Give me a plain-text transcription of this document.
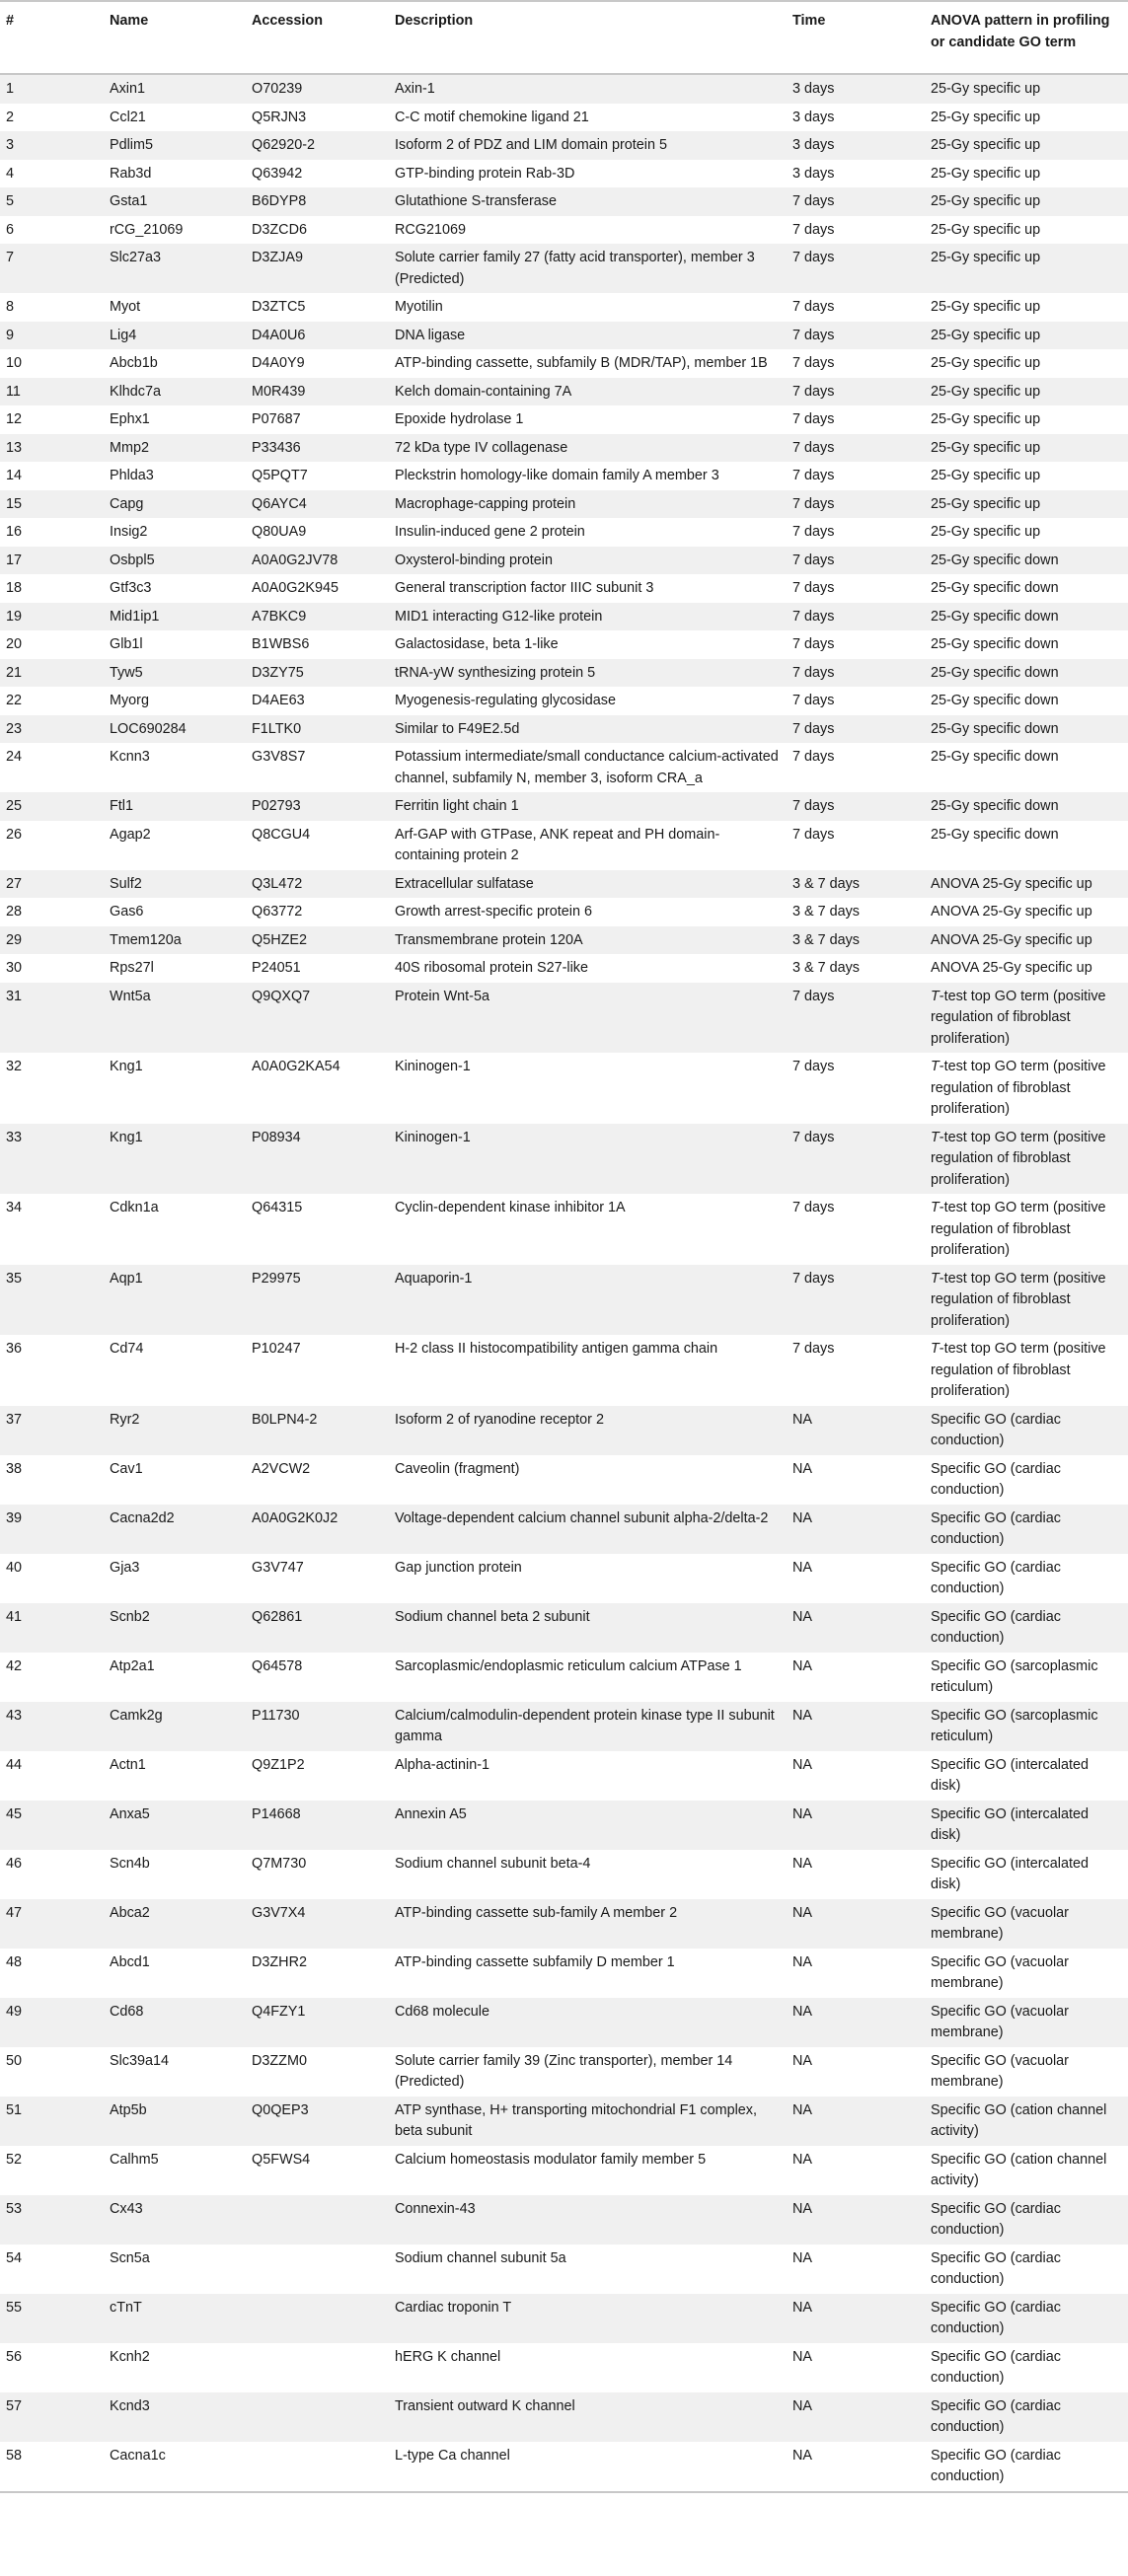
#	Name	Accession	Description	Time	ANOVA pattern in profiling or candidate GO term
1	Axin1	O70239	Axin-1	3 days	25-Gy specific up
2	Ccl21	Q5RJN3	C-C motif chemokine ligand 21	3 days	25-Gy specific up
3	Pdlim5	Q62920-2	Isoform 2 of PDZ and LIM domain protein 5	3 days	25-Gy specific up
4	Rab3d	Q63942	GTP-binding protein Rab-3D	3 days	25-Gy specific up
5	Gsta1	B6DYP8	Glutathione S-transferase	7 days	25-Gy specific up
6	rCG_21069	D3ZCD6	RCG21069	7 days	25-Gy specific up
7	Slc27a3	D3ZJA9	Solute carrier family 27 (fatty acid transporter), member 3 (Predicted)	7 days	25-Gy specific up
8	Myot	D3ZTC5	Myotilin	7 days	25-Gy specific up
9	Lig4	D4A0U6	DNA ligase	7 days	25-Gy specific up
10	Abcb1b	D4A0Y9	ATP-binding cassette, subfamily B (MDR/TAP), member 1B	7 days	25-Gy specific up
11	Klhdc7a	M0R439	Kelch domain-containing 7A	7 days	25-Gy specific up
12	Ephx1	P07687	Epoxide hydrolase 1	7 days	25-Gy specific up
13	Mmp2	P33436	72 kDa type IV collagenase	7 days	25-Gy specific up
14	Phlda3	Q5PQT7	Pleckstrin homology-like domain family A member 3	7 days	25-Gy specific up
15	Capg	Q6AYC4	Macrophage-capping protein	7 days	25-Gy specific up
16	Insig2	Q80UA9	Insulin-induced gene 2 protein	7 days	25-Gy specific up
17	Osbpl5	A0A0G2JV78	Oxysterol-binding protein	7 days	25-Gy specific down
18	Gtf3c3	A0A0G2K945	General transcription factor IIIC subunit 3	7 days	25-Gy specific down
19	Mid1ip1	A7BKC9	MID1 interacting G12-like protein	7 days	25-Gy specific down
20	Glb1l	B1WBS6	Galactosidase, beta 1-like	7 days	25-Gy specific down
21	Tyw5	D3ZY75	tRNA-yW synthesizing protein 5	7 days	25-Gy specific down
22	Myorg	D4AE63	Myogenesis-regulating glycosidase	7 days	25-Gy specific down
23	LOC690284	F1LTK0	Similar to F49E2.5d	7 days	25-Gy specific down
24	Kcnn3	G3V8S7	Potassium intermediate/small conductance calcium-activated channel, subfamily N, member 3, isoform CRA_a	7 days	25-Gy specific down
25	Ftl1	P02793	Ferritin light chain 1	7 days	25-Gy specific down
26	Agap2	Q8CGU4	Arf-GAP with GTPase, ANK repeat and PH domain-containing protein 2	7 days	25-Gy specific down
27	Sulf2	Q3L472	Extracellular sulfatase	3 & 7 days	ANOVA 25-Gy specific up
28	Gas6	Q63772	Growth arrest-specific protein 6	3 & 7 days	ANOVA 25-Gy specific up
29	Tmem120a	Q5HZE2	Transmembrane protein 120A	3 & 7 days	ANOVA 25-Gy specific up
30	Rps27l	P24051	40S ribosomal protein S27-like	3 & 7 days	ANOVA 25-Gy specific up
31	Wnt5a	Q9QXQ7	Protein Wnt-5a	7 days	T-test top GO term (positive regulation of fibroblast proliferation)
32	Kng1	A0A0G2KA54	Kininogen-1	7 days	T-test top GO term (positive regulation of fibroblast proliferation)
33	Kng1	P08934	Kininogen-1	7 days	T-test top GO term (positive regulation of fibroblast proliferation)
34	Cdkn1a	Q64315	Cyclin-dependent kinase inhibitor 1A	7 days	T-test top GO term (positive regulation of fibroblast proliferation)
35	Aqp1	P29975	Aquaporin-1	7 days	T-test top GO term (positive regulation of fibroblast proliferation)
36	Cd74	P10247	H-2 class II histocompatibility antigen gamma chain	7 days	T-test top GO term (positive regulation of fibroblast proliferation)
37	Ryr2	B0LPN4-2	Isoform 2 of ryanodine receptor 2	NA	Specific GO (cardiac conduction)
38	Cav1	A2VCW2	Caveolin (fragment)	NA	Specific GO (cardiac conduction)
39	Cacna2d2	A0A0G2K0J2	Voltage-dependent calcium channel subunit alpha-2/delta-2	NA	Specific GO (cardiac conduction)
40	Gja3	G3V747	Gap junction protein	NA	Specific GO (cardiac conduction)
41	Scnb2	Q62861	Sodium channel beta 2 subunit	NA	Specific GO (cardiac conduction)
42	Atp2a1	Q64578	Sarcoplasmic/endoplasmic reticulum calcium ATPase 1	NA	Specific GO (sarcoplasmic reticulum)
43	Camk2g	P11730	Calcium/calmodulin-dependent protein kinase type II subunit gamma	NA	Specific GO (sarcoplasmic reticulum)
44	Actn1	Q9Z1P2	Alpha-actinin-1	NA	Specific GO (intercalated disk)
45	Anxa5	P14668	Annexin A5	NA	Specific GO (intercalated disk)
46	Scn4b	Q7M730	Sodium channel subunit beta-4	NA	Specific GO (intercalated disk)
47	Abca2	G3V7X4	ATP-binding cassette sub-family A member 2	NA	Specific GO (vacuolar membrane)
48	Abcd1	D3ZHR2	ATP-binding cassette subfamily D member 1	NA	Specific GO (vacuolar membrane)
49	Cd68	Q4FZY1	Cd68 molecule	NA	Specific GO (vacuolar membrane)
50	Slc39a14	D3ZZM0	Solute carrier family 39 (Zinc transporter), member 14 (Predicted)	NA	Specific GO (vacuolar membrane)
51	Atp5b	Q0QEP3	ATP synthase, H+ transporting mitochondrial F1 complex, beta subunit	NA	Specific GO (cation channel activity)
52	Calhm5	Q5FWS4	Calcium homeostasis modulator family member 5	NA	Specific GO (cation channel activity)
53	Cx43		Connexin-43	NA	Specific GO (cardiac conduction)
54	Scn5a		Sodium channel subunit 5a	NA	Specific GO (cardiac conduction)
55	cTnT		Cardiac troponin T	NA	Specific GO (cardiac conduction)
56	Kcnh2		hERG K channel	NA	Specific GO (cardiac conduction)
57	Kcnd3		Transient outward K channel	NA	Specific GO (cardiac conduction)
58	Cacna1c		L-type Ca channel	NA	Specific GO (cardiac conduction)
